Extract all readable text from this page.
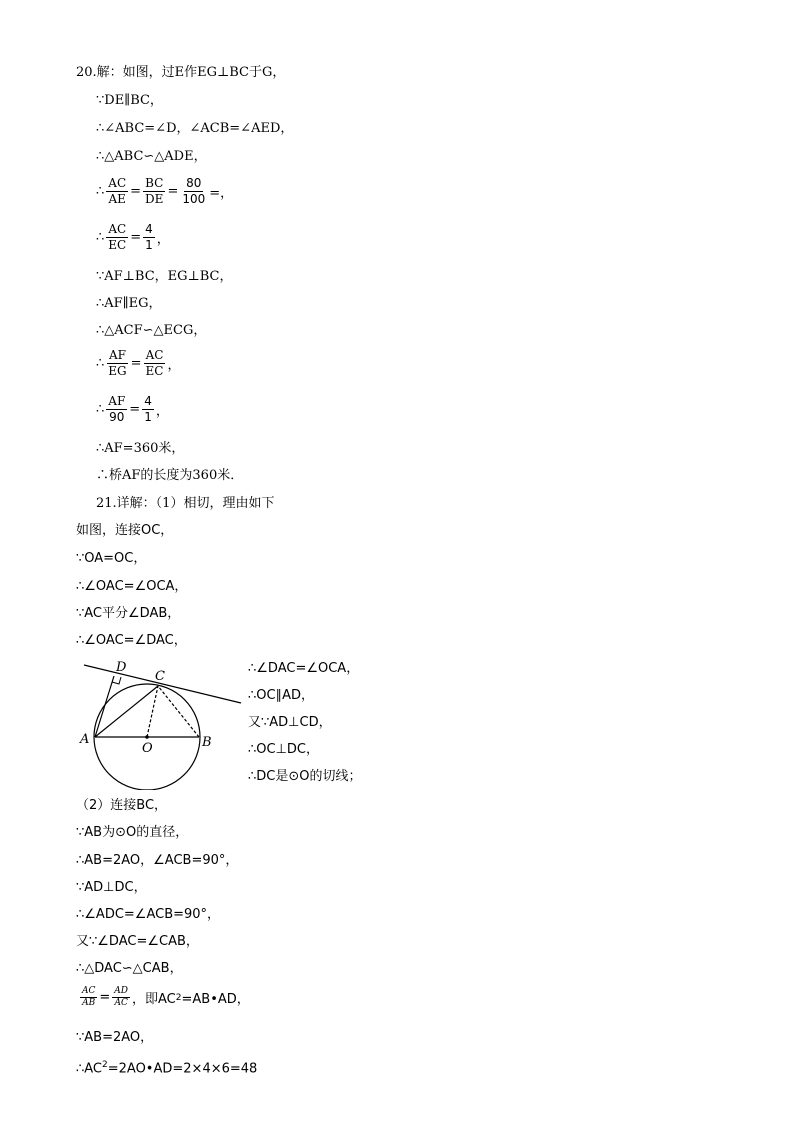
20.解：如图，过E作EG⊥BC于G，
∵DE∥BC，
∴∠ABC=∠D，∠ACB=∠AED，
∴△ABC∽△ADE，
∴ $\frac{AC}{AE} = \frac{BC}{DE} = \frac{80}{100}$ =，
∴ $\frac{AC}{EC} = \frac{4}{1}$ ，
∵AF⊥BC，EG⊥BC，
∴AF∥EG，
∴△ACF∽△ECG，
∴ $\frac{AF}{EG} = \frac{AC}{EC}$ ，
∴ $\frac{AF}{90} = \frac{4}{1}$ ，
∴AF=360米，
∴桥AF的长度为360米．
21.详解：（1）相切，理由如下
如图，连接OC，
∵OA=OC，
∴∠OAC=∠OCA，
∵AC平分∠DAB，
∴∠OAC=∠DAC，
D
C
A
O	B
∴∠DAC=∠OCA，
∴OC∥AD，
又∵AD⊥CD，
∴OC⊥DC，
∴DC是⊙O的切线；
（2）连接BC，
∵AB为⊙O的直径，
∴AB=2AO，∠ACB=90°，
∵AD⊥DC，
∴∠ADC=∠ACB=90°，
又∵∠DAC=∠CAB，
∴△DAC∽△CAB，
$\frac{AC}{AB} = \frac{AD}{AC}$ ，即AC 2 =AB•AD，
∵AB=2AO，
$\therefore AC^2=2AO•AD=2\times 4\times 6=48$
